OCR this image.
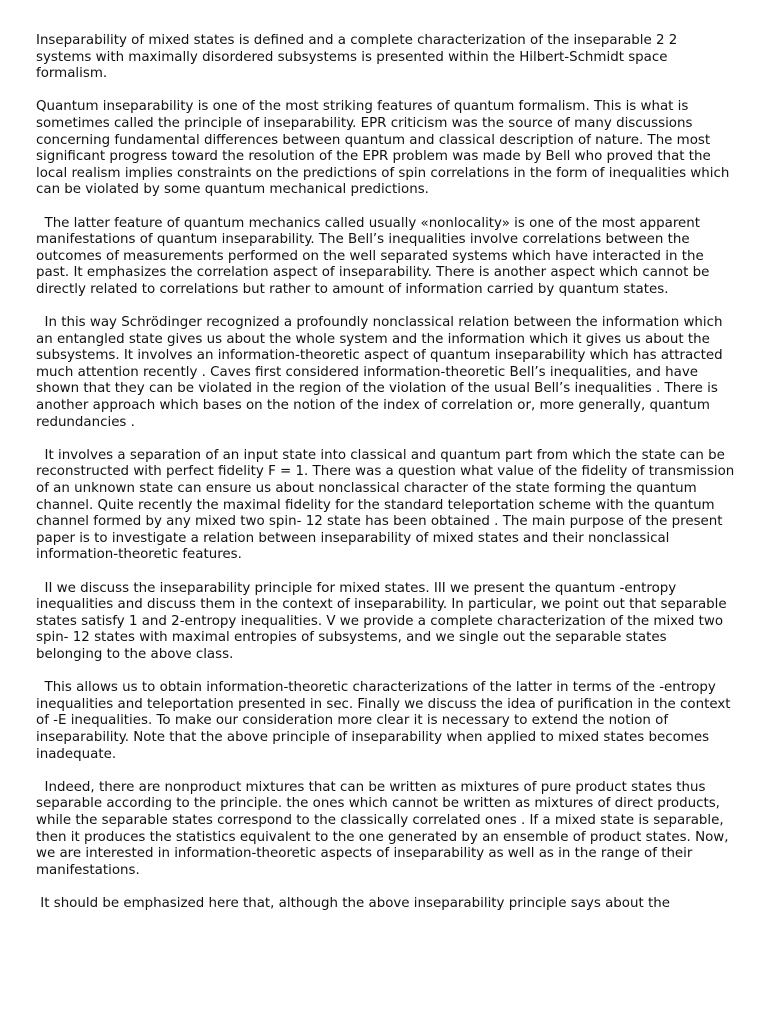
Inseparability of mixed states is defined and a complete characterization of the inseparable 2 2 systems with maximally disordered subsystems is presented within the Hilbert-Schmidt space formalism.

Quantum inseparability is one of the most striking features of quantum formalism. This is what is sometimes called the principle of inseparability. EPR criticism was the source of many discussions concerning fundamental differences between quantum and classical description of nature. The most significant progress toward the resolution of the EPR problem was made by Bell who proved that the local realism implies constraints on the predictions of spin correlations in the form of inequalities which can be violated by some quantum mechanical predictions.

The latter feature of quantum mechanics called usually «nonlocality» is one of the most apparent manifestations of quantum inseparability. The Bell’s inequalities involve correlations between the outcomes of measurements performed on the well separated systems which have interacted in the past. It emphasizes the correlation aspect of inseparability. There is another aspect which cannot be directly related to correlations but rather to amount of information carried by quantum states.

In this way Schrödinger recognized a profoundly nonclassical relation between the information which an entangled state gives us about the whole system and the information which it gives us about the subsystems. It involves an information-theoretic aspect of quantum inseparability which has attracted much attention recently . Caves first considered information-theoretic Bell’s inequalities, and have shown that they can be violated in the region of the violation of the usual Bell’s inequalities . There is another approach which bases on the notion of the index of correlation or, more generally, quantum redundancies .

It involves a separation of an input state into classical and quantum part from which the state can be reconstructed with perfect fidelity F = 1. There was a question what value of the fidelity of transmission of an unknown state can ensure us about nonclassical character of the state forming the quantum channel. Quite recently the maximal fidelity for the standard teleportation scheme with the quantum channel formed by any mixed two spin- 12 state has been obtained . The main purpose of the present paper is to investigate a relation between inseparability of mixed states and their nonclassical information-theoretic features.

II we discuss the inseparability principle for mixed states. III we present the quantum -entropy inequalities and discuss them in the context of inseparability. In particular, we point out that separable states satisfy 1 and 2-entropy inequalities. V we provide a complete characterization of the mixed two spin- 12 states with maximal entropies of subsystems, and we single out the separable states belonging to the above class.

This allows us to obtain information-theoretic characterizations of the latter in terms of the -entropy inequalities and teleportation presented in sec. Finally we discuss the idea of purification in the context of -E inequalities. To make our consideration more clear it is necessary to extend the notion of inseparability. Note that the above principle of inseparability when applied to mixed states becomes inadequate.

Indeed, there are nonproduct mixtures that can be written as mixtures of pure product states thus separable according to the principle. the ones which cannot be written as mixtures of direct products, while the separable states correspond to the classically correlated ones . If a mixed state is separable, then it produces the statistics equivalent to the one generated by an ensemble of product states. Now, we are interested in information-theoretic aspects of inseparability as well as in the range of their manifestations.

It should be emphasized here that, although the above inseparability principle says about the
